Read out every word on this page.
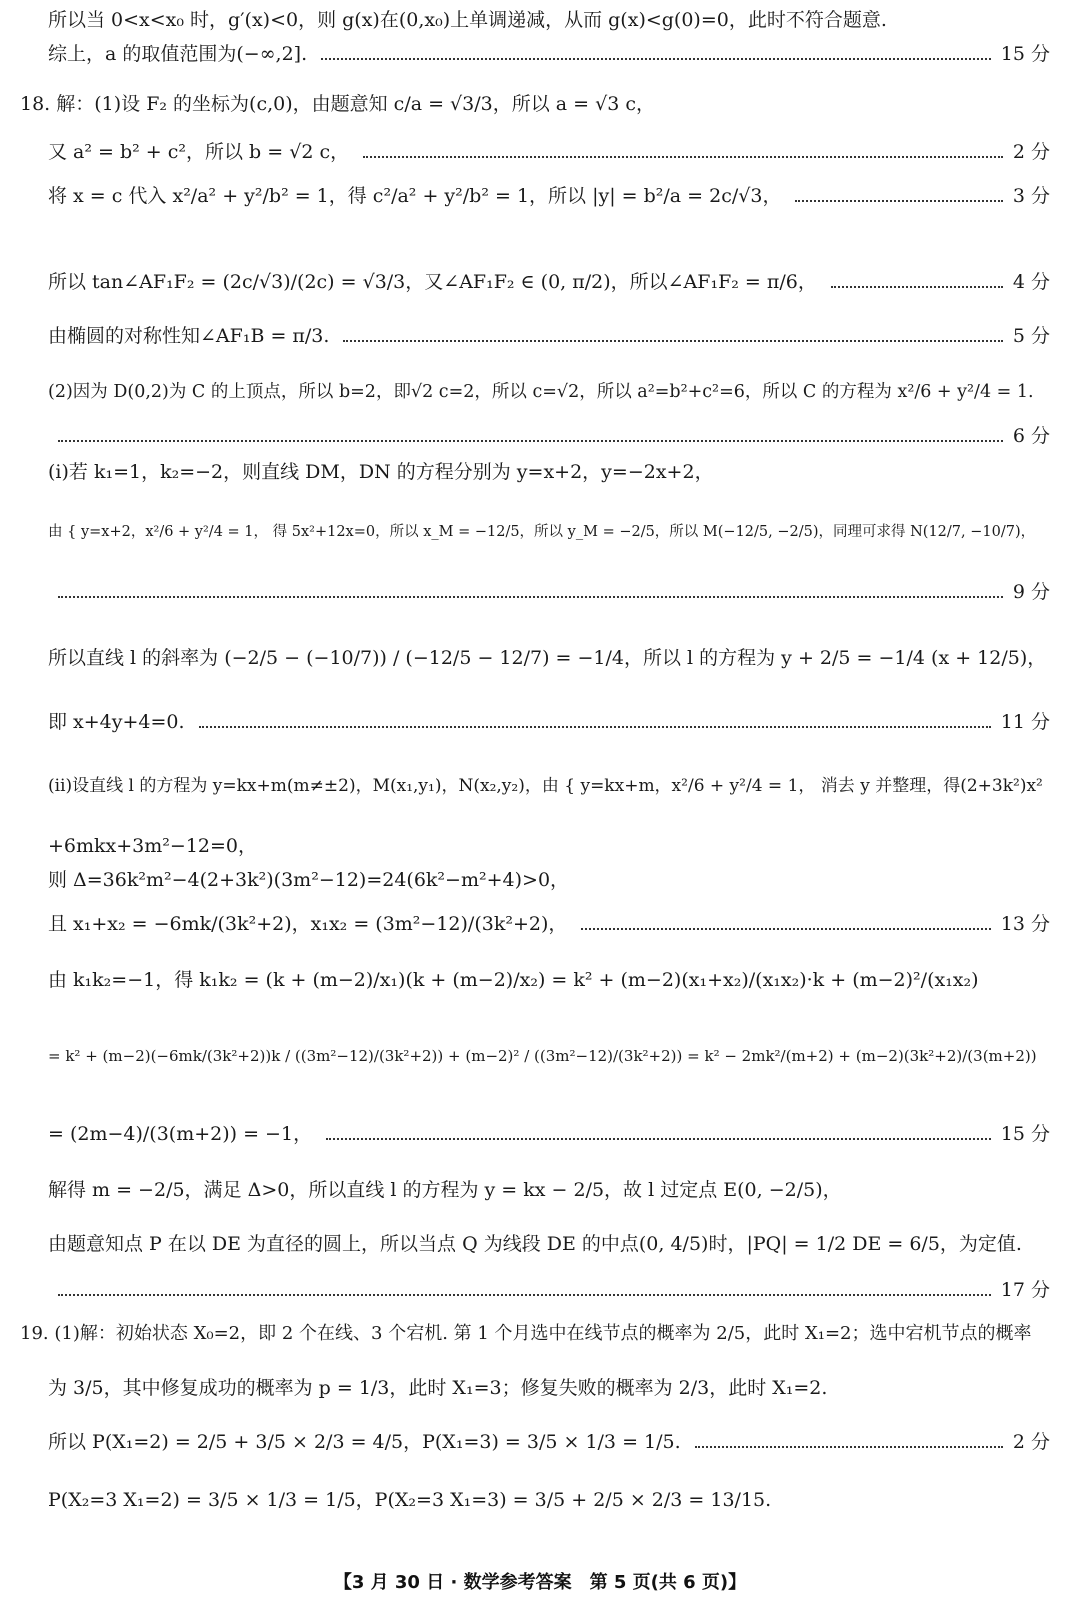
所以当 0<x<x₀ 时，g′(x)<0，则 g(x)在(0,x₀)上单调递减，从而 g(x)<g(0)=0，此时不符合题意.
综上，a 的取值范围为(−∞,2].	15 分
18. 解：(1)设 F₂ 的坐标为(c,0)，由题意知 c/a = √3/3，所以 a = √3 c，
又 a² = b² + c²，所以 b = √2 c，	2 分
将 x = c 代入 x²/a² + y²/b² = 1，得 c²/a² + y²/b² = 1，所以 |y| = b²/a = 2c/√3，	3 分
所以 tan∠AF₁F₂ = (2c/√3)/(2c) = √3/3，又∠AF₁F₂ ∈ (0, π/2)，所以∠AF₁F₂ = π/6，	4 分
由椭圆的对称性知∠AF₁B = π/3.	5 分
(2)因为 D(0,2)为 C 的上顶点，所以 b=2，即√2 c=2，所以 c=√2，所以 a²=b²+c²=6，所以 C 的方程为 x²/6 + y²/4 = 1.
6 分
(ⅰ)若 k₁=1，k₂=−2，则直线 DM，DN 的方程分别为 y=x+2，y=−2x+2，
由 { y=x+2，x²/6 + y²/4 = 1， 得 5x²+12x=0，所以 x_M = −12/5，所以 y_M = −2/5，所以 M(−12/5, −2/5)，同理可求得 N(12/7, −10/7)，
9 分
所以直线 l 的斜率为 (−2/5 − (−10/7)) / (−12/5 − 12/7) = −1/4，所以 l 的方程为 y + 2/5 = −1/4 (x + 12/5)，
即 x+4y+4=0.	11 分
(ⅱ)设直线 l 的方程为 y=kx+m(m≠±2)，M(x₁,y₁)，N(x₂,y₂)，由 { y=kx+m，x²/6 + y²/4 = 1， 消去 y 并整理，得(2+3k²)x²
+6mkx+3m²−12=0，
则 Δ=36k²m²−4(2+3k²)(3m²−12)=24(6k²−m²+4)>0，
且 x₁+x₂ = −6mk/(3k²+2)，x₁x₂ = (3m²−12)/(3k²+2)，	13 分
由 k₁k₂=−1，得 k₁k₂ = (k + (m−2)/x₁)(k + (m−2)/x₂) = k² + (m−2)(x₁+x₂)/(x₁x₂)·k + (m−2)²/(x₁x₂)
= k² + (m−2)(−6mk/(3k²+2))k / ((3m²−12)/(3k²+2)) + (m−2)² / ((3m²−12)/(3k²+2)) = k² − 2mk²/(m+2) + (m−2)(3k²+2)/(3(m+2))
= (2m−4)/(3(m+2)) = −1，	15 分
解得 m = −2/5，满足 Δ>0，所以直线 l 的方程为 y = kx − 2/5，故 l 过定点 E(0, −2/5)，
由题意知点 P 在以 DE 为直径的圆上，所以当点 Q 为线段 DE 的中点(0, 4/5)时，|PQ| = 1/2 DE = 6/5，为定值.
17 分
19. (1)解：初始状态 X₀=2，即 2 个在线、3 个宕机. 第 1 个月选中在线节点的概率为 2/5，此时 X₁=2；选中宕机节点的概率
为 3/5，其中修复成功的概率为 p = 1/3，此时 X₁=3；修复失败的概率为 2/3，此时 X₁=2.
所以 P(X₁=2) = 2/5 + 3/5 × 2/3 = 4/5，P(X₁=3) = 3/5 × 1/3 = 1/5.	2 分
P(X₂=3 X₁=2) = 3/5 × 1/3 = 1/5，P(X₂=3 X₁=3) = 3/5 + 2/5 × 2/3 = 13/15.
【3 月 30 日 · 数学参考答案　第 5 页(共 6 页)】
